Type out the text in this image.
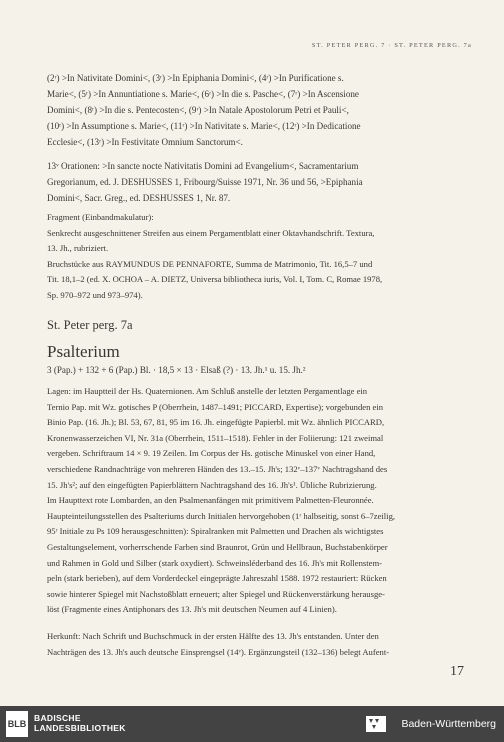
ST. PETER PERG. 7 · ST. PETER PERG. 7a
(2ʳ) >In Nativitate Domini<, (3ʳ) >In Epiphania Domini<, (4ʳ) >In Purificatione s.
Marie<, (5ʳ) >In Annuntiatione s. Marie<, (6ʳ) >In die s. Pasche<, (7ʳ) >In Ascensione
Domini<, (8ʳ) >In die s. Pentecosten<, (9ʳ) >In Natale Apostolorum Petri et Pauli<,
(10ʳ) >In Assumptione s. Marie<, (11ʳ) >In Nativitate s. Marie<, (12ʳ) >In Dedicatione
Ecclesie<, (13ʳ) >In Festivitate Omnium Sanctorum<.
13ᵛ Orationen: >In sancte nocte Nativitatis Domini ad Evangelium<, Sacramentarium
Gregorianum, ed. J. DESHUSSES 1, Fribourg/Suisse 1971, Nr. 36 und 56, >Epiphania
Domini<, Sacr. Greg., ed. DESHUSSES 1, Nr. 87.
Fragment (Einbandmakulatur):
Senkrecht ausgeschnittener Streifen aus einem Pergamentblatt einer Oktavhandschrift. Textura,
13. Jh., rubriziert.
Bruchstücke aus RAYMUNDUS DE PENNAFORTE, Summa de Matrimonio, Tit. 16,5–7 und
Tit. 18,1–2 (ed. X. OCHOA – A. DIETZ, Universa bibliotheca iuris, Vol. I, Tom. C, Romae 1978,
Sp. 970–972 und 973–974).
St. Peter perg. 7a
Psalterium
3 (Pap.) + 132 + 6 (Pap.) Bl. · 18,5 × 13 · Elsaß (?) · 13. Jh.¹ u. 15. Jh.²
Lagen: im Hauptteil der Hs. Quaternionen. Am Schluß anstelle der letzten Pergamentlage ein
Ternio Pap. mit Wz. gotisches P (Oberrhein, 1487–1491; PICCARD, Expertise); vorgebunden ein
Binio Pap. (16. Jh.); Bl. 53, 67, 81, 95 im 16. Jh. eingefügte Papierbl. mit Wz. ähnlich PICCARD,
Kronenwasserzeichen VI, Nr. 31a (Oberrhein, 1511–1518). Fehler in der Foliierung: 121 zweimal
vergeben. Schriftraum 14 × 9. 19 Zeilen. Im Corpus der Hs. gotische Minuskel von einer Hand,
verschiedene Randnachträge von mehreren Händen des 13.–15. Jh's; 132ᵛ–137ᵛ Nachtragshand des
15. Jh's²; auf den eingefügten Papierblättern Nachtragshand des 16. Jh's¹. Übliche Rubrizierung.
Im Haupttext rote Lombarden, an den Psalmenanfängen mit primitivem Palmetten-Fleuronnée.
Haupteinteilungsstellen des Psalteriums durch Initialen hervorgehoben (1ʳ halbseitig, sonst 6–7zeilig,
95ʳ Initiale zu Ps 109 herausgeschnitten): Spiralranken mit Palmetten und Drachen als wichtigstes
Gestaltungselement, vorherrschende Farben sind Braunrot, Grün und Hellbraun, Buchstabenkörper
und Rahmen in Gold und Silber (stark oxydiert). Schweinsléderband des 16. Jh's mit Rollenstem-
peln (stark berieben), auf dem Vorderdeckel eingeprägte Jahreszahl 1588. 1972 restauriert: Rücken
sowie hinterer Spiegel mit Nachstoßblatt erneuert; alter Spiegel und Rückenverstärkung herausge-
löst (Fragmente eines Antiphonars des 13. Jh's mit deutschen Neumen auf 4 Linien).
Herkunft: Nach Schrift und Buchschmuck in der ersten Hälfte des 13. Jh's entstanden. Unter den
Nachträgen des 13. Jh's auch deutsche Einsprengsel (14ᵛ). Ergänzungsteil (132–136) belegt Aufent-
17
BLB
BADISCHE
LANDESBIBLIOTHEK	Baden-Württemberg
